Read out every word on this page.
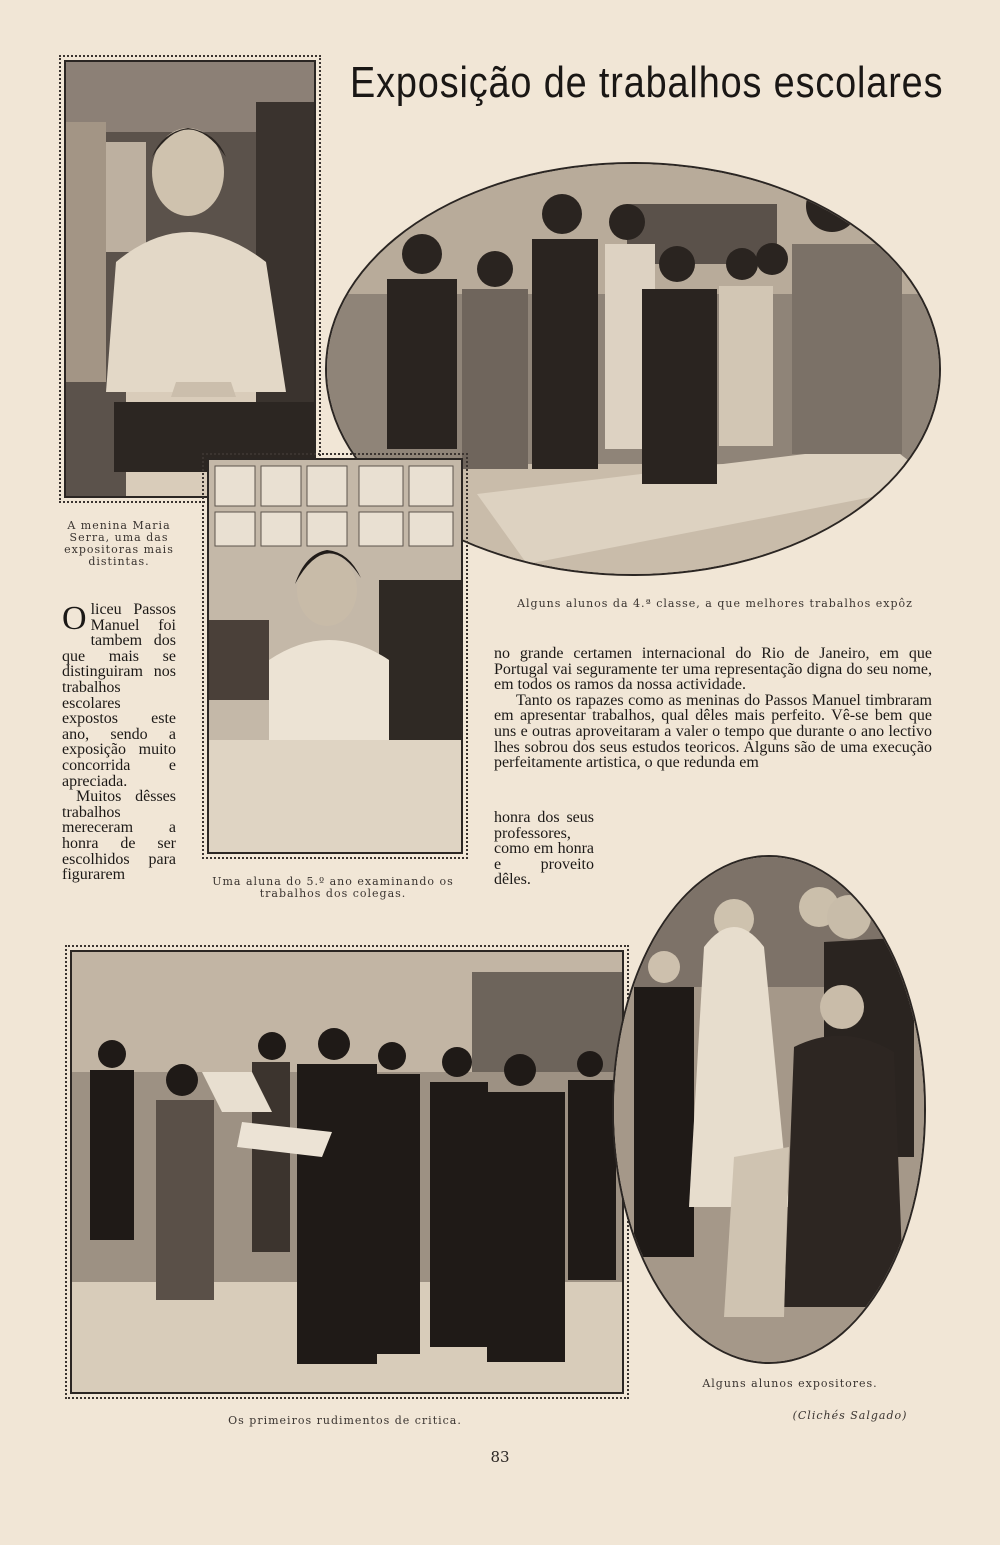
Exposição de trabalhos escolares
A menina Maria Serra, uma das expositoras mais distintas.
Alguns alunos da 4.ª classe, a que melhores trabalhos expôz
Uma aluna do 5.º ano examinando os trabalhos dos colegas.
Os primeiros rudimentos de critica.
Alguns alunos expositores.
(Clichés Salgado)
Oliceu Passos Manuel foi tambem dos que mais se distinguiram nos trabalhos escolares expostos este ano, sendo a exposição muito concorrida e apreciada.
Muitos dêsses trabalhos mereceram a honra de ser escolhidos para figurarem
no grande certamen internacional do Rio de Janeiro, em que Portugal vai seguramente ter uma representação digna do seu nome, em todos os ramos da nossa actividade.
Tanto os rapazes como as meninas do Passos Manuel timbraram em apresentar trabalhos, qual dêles mais perfeito. Vê-se bem que uns e outras aproveitaram a valer o tempo que durante o ano lectivo lhes sobrou dos seus estudos teoricos. Alguns são de uma execução perfeitamente artistica, o que redunda em
honra dos seus professores, como em honra e proveito dêles.
83
